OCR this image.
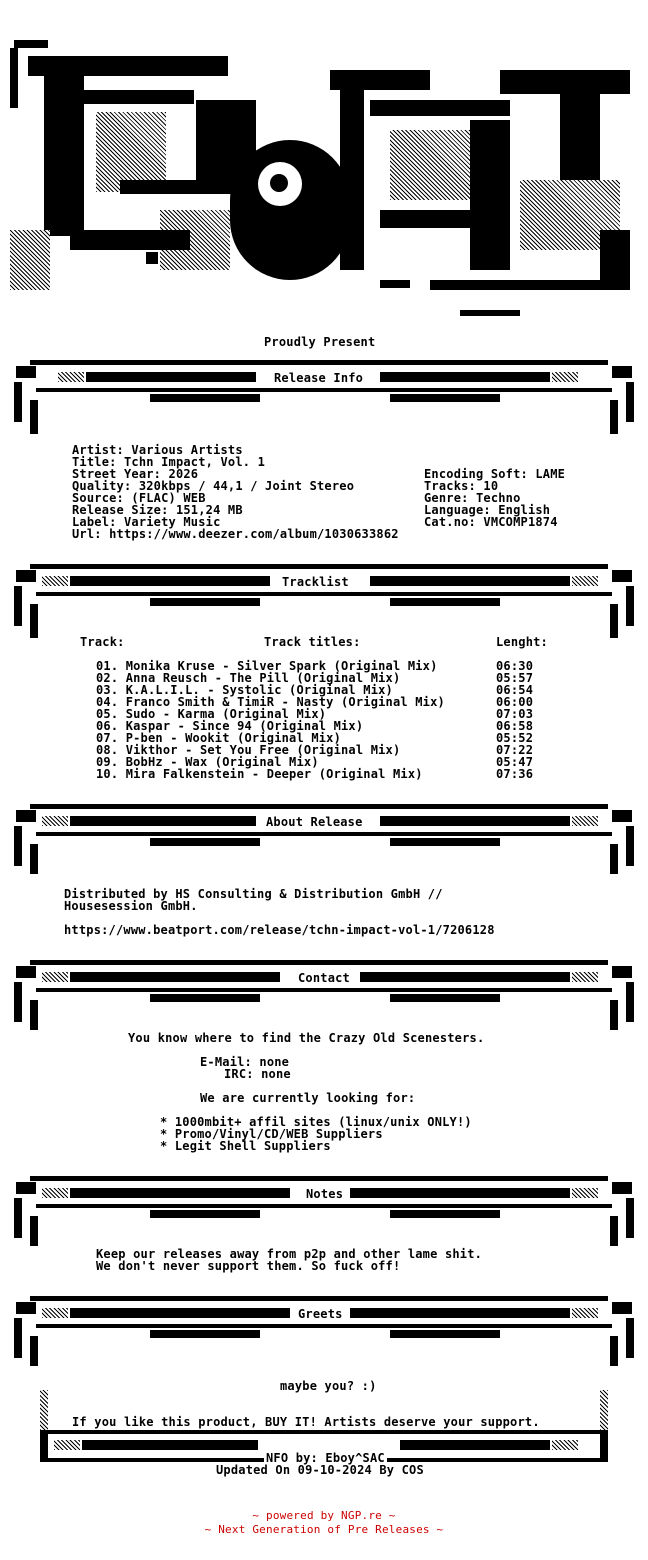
Proudly Present
Release Info
Artist: Various Artists
Title: Tchn Impact, Vol. 1
Street Year: 2026
Quality: 320kbps / 44,1 / Joint Stereo
Source: (FLAC) WEB
Release Size: 151,24 MB
Label: Variety Music
Url: https://www.deezer.com/album/1030633862
Encoding Soft: LAME
Tracks: 10
Genre: Techno
Language: English
Cat.no: VMCOMP1874
Tracklist
Track:	Track titles:	Lenght:
01. Monika Kruse - Silver Spark (Original Mix)	06:30
02. Anna Reusch - The Pill (Original Mix)	05:57
03. K.A.L.I.L. - Systolic (Original Mix)	06:54
04. Franco Smith & TimiR - Nasty (Original Mix)	06:00
05. Sudo - Karma (Original Mix)	07:03
06. Kaspar - Since 94 (Original Mix)	06:58
07. P-ben - Wookit (Original Mix)	05:52
08. Vikthor - Set You Free (Original Mix)	07:22
09. BobHz - Wax (Original Mix)	05:47
10. Mira Falkenstein - Deeper (Original Mix)	07:36
About Release
Distributed by HS Consulting & Distribution GmbH //
Housesession GmbH.
https://www.beatport.com/release/tchn-impact-vol-1/7206128
Contact
You know where to find the Crazy Old Scenesters.
E-Mail: none
IRC: none
We are currently looking for:
* 1000mbit+ affil sites (linux/unix ONLY!)
* Promo/Vinyl/CD/WEB Suppliers
* Legit Shell Suppliers
Notes
Keep our releases away from p2p and other lame shit.
We don't never support them. So fuck off!
Greets
maybe you? :)
If you like this product, BUY IT! Artists deserve your support.
NFO by: Eboy^SAC
Updated On 09-10-2024 By COS
~ powered by NGP.re ~
~ Next Generation of Pre Releases ~
